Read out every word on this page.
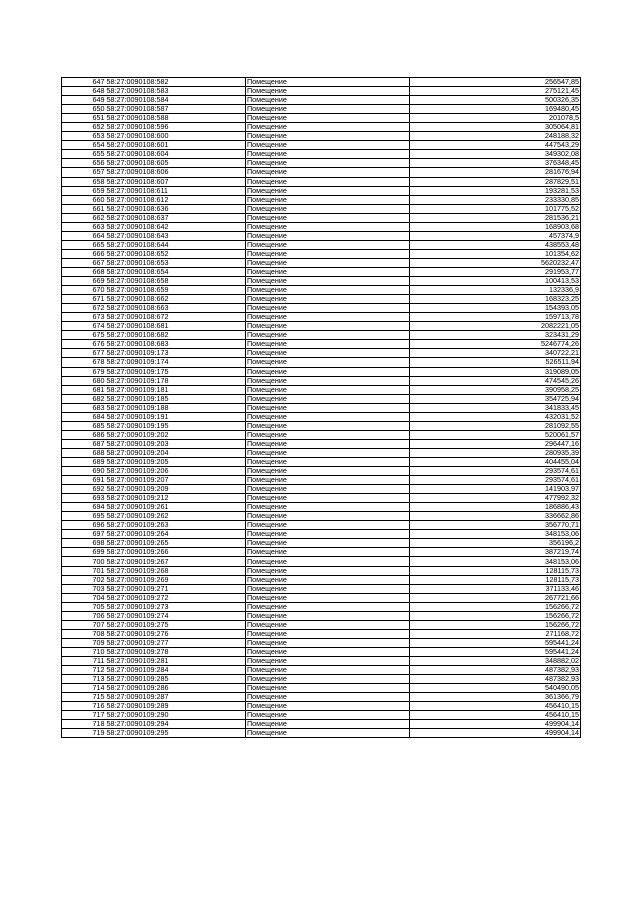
647	58:27:0090108:582	Помещение	256547,85
648	58:27:0090108:583	Помещение	275121,45
649	58:27:0090108:584	Помещение	500326,35
650	58:27:0090108:587	Помещение	169480,45
651	58:27:0090108:588	Помещение	201078,5
652	58:27:0090108:596	Помещение	305064,81
653	58:27:0090108:600	Помещение	248188,32
654	58:27:0090108:601	Помещение	447543,29
655	58:27:0090108:604	Помещение	349302,08
656	58:27:0090108:605	Помещение	376348,45
657	58:27:0090108:606	Помещение	281676,94
658	58:27:0090108:607	Помещение	287829,51
659	58:27:0090108:611	Помещение	193281,53
660	58:27:0090108:612	Помещение	233330,85
661	58:27:0090108:636	Помещение	101775,52
662	58:27:0090108:637	Помещение	281536,21
663	58:27:0090108:642	Помещение	168903,68
664	58:27:0090108:643	Помещение	457374,9
665	58:27:0090108:644	Помещение	438553,48
666	58:27:0090108:652	Помещение	101354,62
667	58:27:0090108:653	Помещение	5620232,47
668	58:27:0090108:654	Помещение	291953,77
669	58:27:0090108:658	Помещение	100413,53
670	58:27:0090108:659	Помещение	132336,9
671	58:27:0090108:662	Помещение	168323,25
672	58:27:0090108:663	Помещение	154393,05
673	58:27:0090108:672	Помещение	159713,78
674	58:27:0090108:681	Помещение	2082221,05
675	58:27:0090108:682	Помещение	323431,29
676	58:27:0090108:683	Помещение	5246774,26
677	58:27:0090109:173	Помещение	340722,21
678	58:27:0090109:174	Помещение	526511,94
679	58:27:0090109:175	Помещение	319089,05
680	58:27:0090109:178	Помещение	474545,26
681	58:27:0090109:181	Помещение	390958,25
682	58:27:0090109:185	Помещение	354725,94
683	58:27:0090109:188	Помещение	341833,45
684	58:27:0090109:191	Помещение	432031,52
685	58:27:0090109:195	Помещение	281092,55
686	58:27:0090109:202	Помещение	520061,57
687	58:27:0090109:203	Помещение	296447,16
688	58:27:0090109:204	Помещение	280935,39
689	58:27:0090109:205	Помещение	404455,04
690	58:27:0090109:206	Помещение	293574,61
691	58:27:0090109:207	Помещение	293574,61
692	58:27:0090109:209	Помещение	141903,97
693	58:27:0090109:212	Помещение	477992,32
694	58:27:0090109:261	Помещение	186886,43
695	58:27:0090109:262	Помещение	336662,86
696	58:27:0090109:263	Помещение	356770,71
697	58:27:0090109:264	Помещение	348153,06
698	58:27:0090109:265	Помещение	356196,2
699	58:27:0090109:266	Помещение	387219,74
700	58:27:0090109:267	Помещение	348153,06
701	58:27:0090109:268	Помещение	128115,73
702	58:27:0090109:269	Помещение	128115,73
703	58:27:0090109:271	Помещение	371133,46
704	58:27:0090109:272	Помещение	267721,66
705	58:27:0090109:273	Помещение	156266,72
706	58:27:0090109:274	Помещение	156266,72
707	58:27:0090109:275	Помещение	156266,72
708	58:27:0090109:276	Помещение	271168,72
709	58:27:0090109:277	Помещение	595441,24
710	58:27:0090109:278	Помещение	595441,24
711	58:27:0090109:281	Помещение	348882,02
712	58:27:0090109:284	Помещение	487382,93
713	58:27:0090109:285	Помещение	487382,93
714	58:27:0090109:286	Помещение	540490,05
715	58:27:0090109:287	Помещение	361366,79
716	58:27:0090109:289	Помещение	456410,15
717	58:27:0090109:290	Помещение	456410,15
718	58:27:0090109:294	Помещение	499904,14
719	58:27:0090109:295	Помещение	499904,14
